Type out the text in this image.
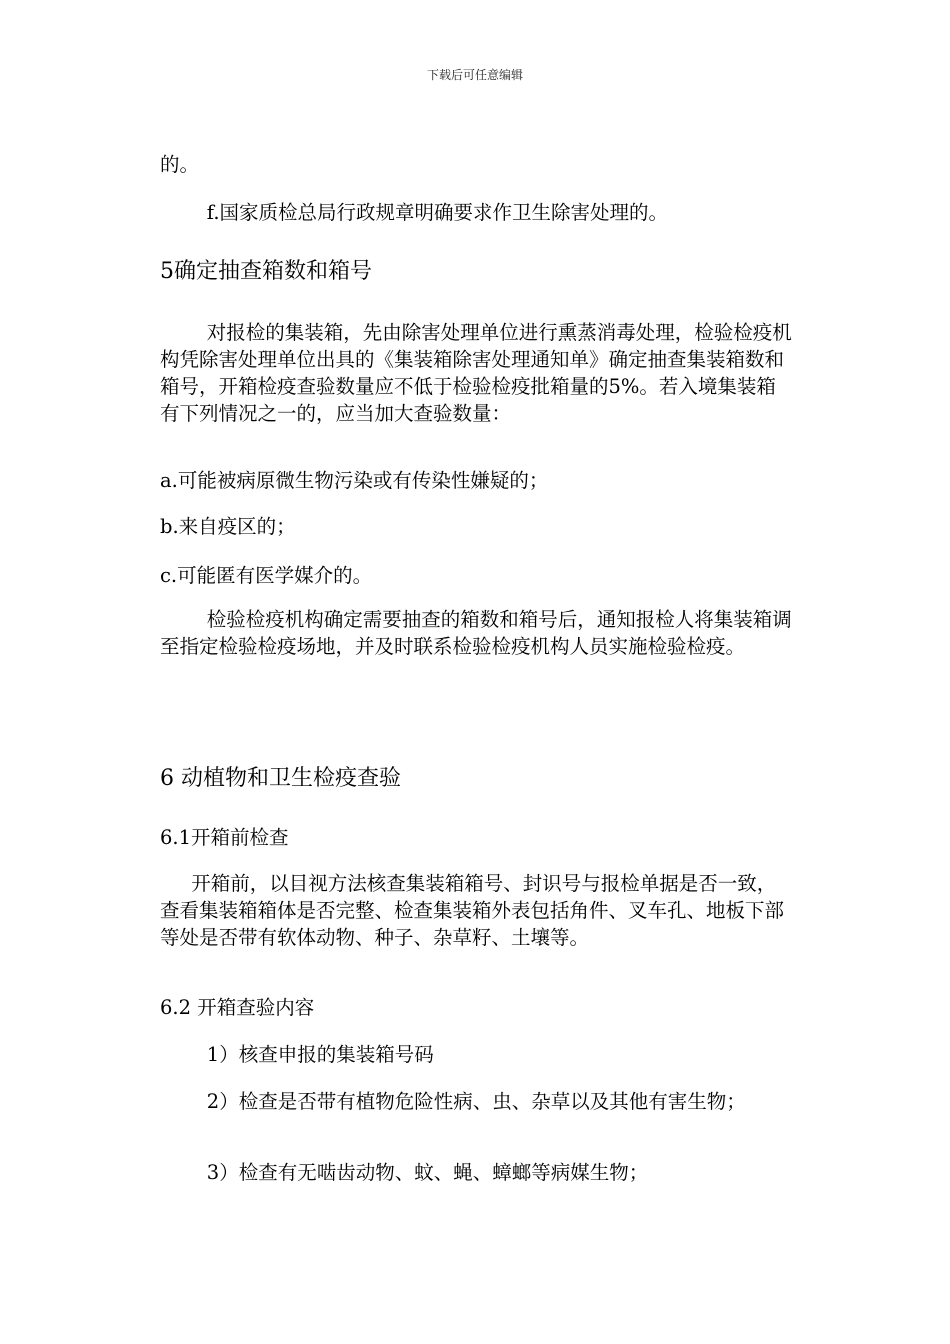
下载后可任意编辑

的。

f.国家质检总局行政规章明确要求作卫生除害处理的。

5确定抽查箱数和箱号

对报检的集装箱，先由除害处理单位进行熏蒸消毒处理，检验检疫机构凭除害处理单位出具的《集装箱除害处理通知单》确定抽查集装箱数和箱号，开箱检疫查验数量应不低于检验检疫批箱量的5%。若入境集装箱有下列情况之一的，应当加大查验数量：

a.可能被病原微生物污染或有传染性嫌疑的；

b.来自疫区的；

c.可能匿有医学媒介的。

检验检疫机构确定需要抽查的箱数和箱号后，通知报检人将集装箱调至指定检验检疫场地，并及时联系检验检疫机构人员实施检验检疫。

6 动植物和卫生检疫查验

6.1开箱前检查

开箱前，以目视方法核查集装箱箱号、封识号与报检单据是否一致，查看集装箱箱体是否完整、检查集装箱外表包括角件、叉车孔、地板下部等处是否带有软体动物、种子、杂草籽、土壤等。

6.2 开箱查验内容

1）核查申报的集装箱号码

2）检查是否带有植物危险性病、虫、杂草以及其他有害生物；

3）检查有无啮齿动物、蚊、蝇、蟑螂等病媒生物；
